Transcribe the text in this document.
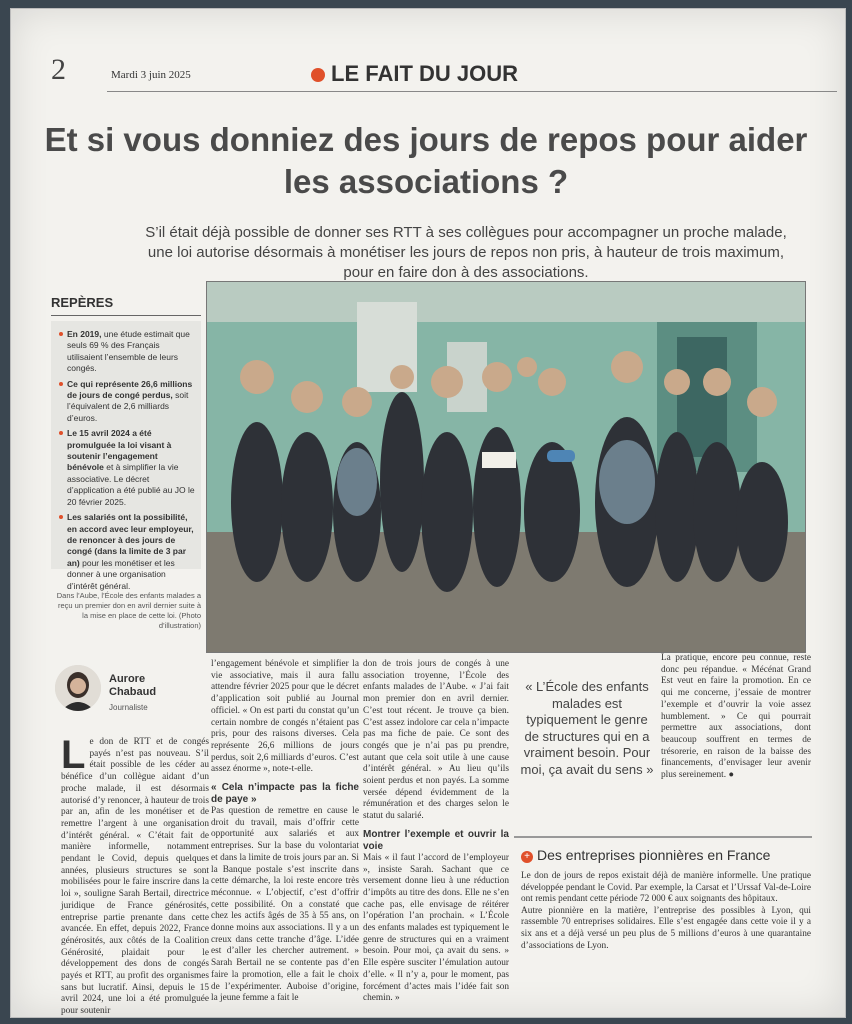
2	Mardi 3 juin 2025	LE FAIT DU JOUR
Et si vous donniez des jours de repos pour aider les associations ?
S’il était déjà possible de donner ses RTT à ses collègues pour accompagner un proche malade, une loi autorise désormais à monétiser les jours de repos non pris, à hauteur de trois maximum, pour en faire don à des associations.
REPÈRES
En 2019, une étude estimait que seuls 69 % des Français utilisaient l’ensemble de leurs congés.
Ce qui représente 26,6 millions de jours de congé perdus, soit l’équivalent de 2,6 milliards d’euros.
Le 15 avril 2024 a été promulguée la loi visant à soutenir l’engagement bénévole et à simplifier la vie associative. Le décret d’application a été publié au JO le 20 février 2025.
Les salariés ont la possibilité, en accord avec leur employeur, de renoncer à des jours de congé (dans la limite de 3 par an) pour les monétiser et les donner à une organisation d’intérêt général.
Dans l’Aube, l’École des enfants malades a reçu un premier don en avril dernier suite à la mise en place de cette loi. (Photo d’illustration)
Aurore
Chabaud
Journaliste

Le don de RTT et de congés payés n’est pas nouveau. S’il était possible de les céder au bénéfice d’un collègue aidant d’un proche malade, il est désormais autorisé d’y renoncer, à hauteur de trois par an, afin de les monétiser et de remettre l’argent à une organisation d’intérêt général. « C’était fait de manière informelle, notamment pendant le Covid, depuis quelques années, plusieurs structures se sont mobilisées pour le faire inscrire dans la loi », souligne Sarah Bertail, directrice juridique de France générosités, entreprise partie prenante dans cette avancée. En effet, depuis 2022, France générosités, aux côtés de la Coalition Générosité, plaidait pour le développement des dons de congés payés et RTT, au profit des organismes sans but lucratif. Ainsi, depuis le 15 avril 2024, une loi a été promulguée pour soutenir

l’engagement bénévole et simplifier la vie associative, mais il aura fallu attendre février 2025 pour que le décret d’application soit publié au Journal officiel. « On est parti du constat qu’un certain nombre de congés n’étaient pas pris, pour des raisons diverses. Cela représente 26,6 millions de jours perdus, soit 2,6 milliards d’euros. C’est assez énorme », note-t-elle.

« Cela n’impacte pas la fiche de paye »

Pas question de remettre en cause le droit du travail, mais d’offrir cette opportunité aux salariés et aux entreprises. Sur la base du volontariat et dans la limite de trois jours par an. Si la Banque postale s’est inscrite dans cette démarche, la loi reste encore très méconnue. « L’objectif, c’est d’offrir cette possibilité. On a constaté que chez les actifs âgés de 35 à 55 ans, on donne moins aux associations. Il y a un creux dans cette tranche d’âge. L’idée est d’aller les chercher autrement. » Sarah Bertail ne se contente pas d’en faire la promotion, elle a fait le choix de l’expérimenter. Auboise d’origine, la jeune femme a fait le

don de trois jours de congés à une association troyenne, l’École des enfants malades de l’Aube. « J’ai fait mon premier don en avril dernier. C’est tout récent. Je trouve ça bien. C’est assez indolore car cela n’impacte pas ma fiche de paie. Ce sont des congés que je n’ai pas pu prendre, autant que cela soit utile à une cause d’intérêt général. » Au lieu qu’ils soient perdus et non payés. La somme versée dépend évidemment de la rémunération et des charges selon le statut du salarié.

Montrer l’exemple et ouvrir la voie

Mais « il faut l’accord de l’employeur », insiste Sarah. Sachant que ce versement donne lieu à une réduction d’impôts au titre des dons. Elle ne s’en cache pas, elle envisage de réitérer l’opération l’an prochain. « L’École des enfants malades est typiquement le genre de structures qui en a vraiment besoin. Pour moi, ça avait du sens. » Elle espère susciter l’émulation autour d’elle. « Il n’y a, pour le moment, pas forcément d’actes mais l’idée fait son chemin. »

« L’École des enfants malades est typiquement le genre de structures qui en a vraiment besoin. Pour moi, ça avait du sens »

La pratique, encore peu connue, reste donc peu répandue. « Mécénat Grand Est veut en faire la promotion. En ce qui me concerne, j’essaie de montrer l’exemple et d’ouvrir la voie assez humblement. » Ce qui pourrait permettre aux associations, dont beaucoup souffrent en termes de trésorerie, en raison de la baisse des financements, d’envisager leur avenir plus sereinement. ●

+ Des entreprises pionnières en France

Le don de jours de repos existait déjà de manière informelle. Une pratique développée pendant le Covid. Par exemple, la Carsat et l’Urssaf Val-de-Loire ont remis pendant cette période 72 000 € aux soignants des hôpitaux.

Autre pionnière en la matière, l’entreprise des possibles à Lyon, qui rassemble 70 entreprises solidaires. Elle s’est engagée dans cette voie il y a six ans et a déjà versé un peu plus de 5 millions d’euros à une quarantaine d’associations de Lyon.
